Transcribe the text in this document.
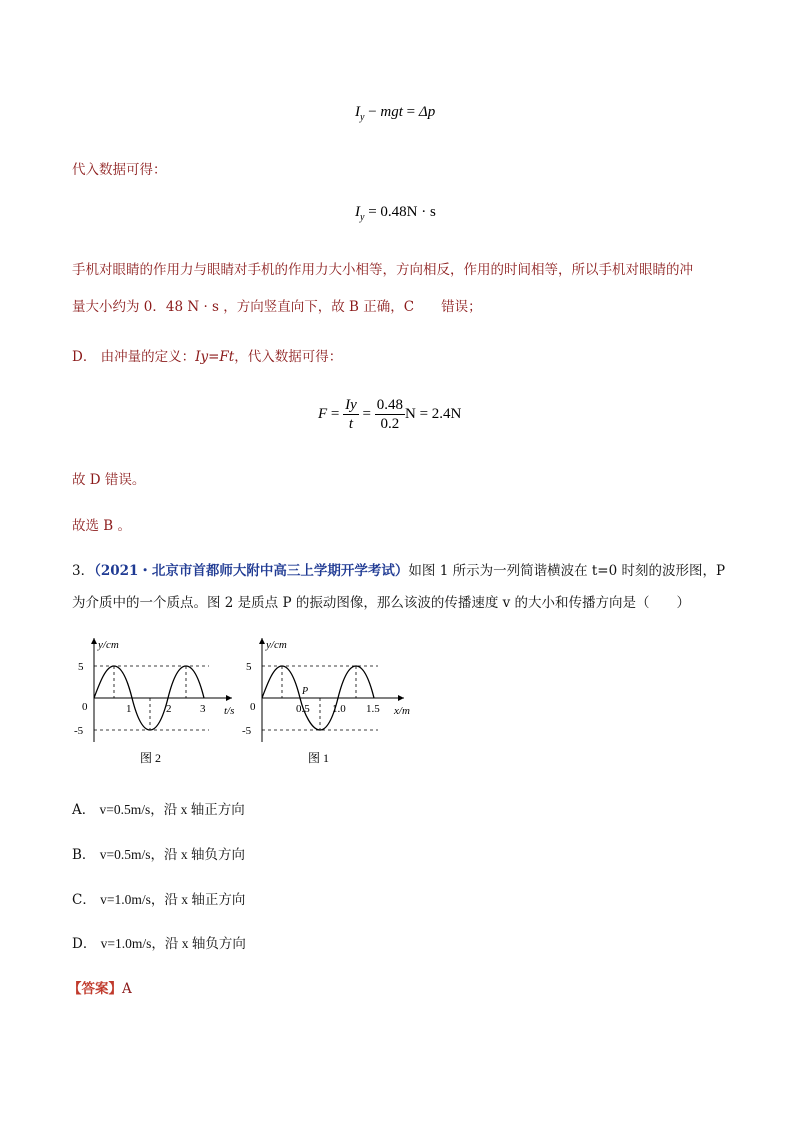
$I_y$ − mgt = Δp
代入数据可得：
$I_y = 0.48N \cdot s$
手机对眼睛的作用力与眼睛对手机的作用力大小相等，方向相反，作用的时间相等，所以手机对眼睛的冲
量大小约为 0．48 N · s ，方向竖直向下，故 B 正确，C　　错误；
D． 由冲量的定义：Iy=Ft，代入数据可得：
$F = \frac{Iy}{t} = \frac{0.48}{0.2}$ N = 2.4N
故 D 错误。
故选 B 。
3．（2021・北京市首都师大附中高三上学期开学考试）如图 1 所示为一列简谐横波在 t=0 时刻的波形图，P
为介质中的一个质点。图 2 是质点 P 的振动图像，那么该波的传播速度 v 的大小和传播方向是（　　）
y/cm
5
0
-5
1	2	3 t/s
图 2
y/cm
5
0
-5
P
0.5 1.0 1.5 x/m
图 1
A． v=0.5m/s，沿 x 轴正方向
B． v=0.5m/s，沿 x 轴负方向
C． v=1.0m/s，沿 x 轴正方向
D． v=1.0m/s，沿 x 轴负方向
【答案】A
